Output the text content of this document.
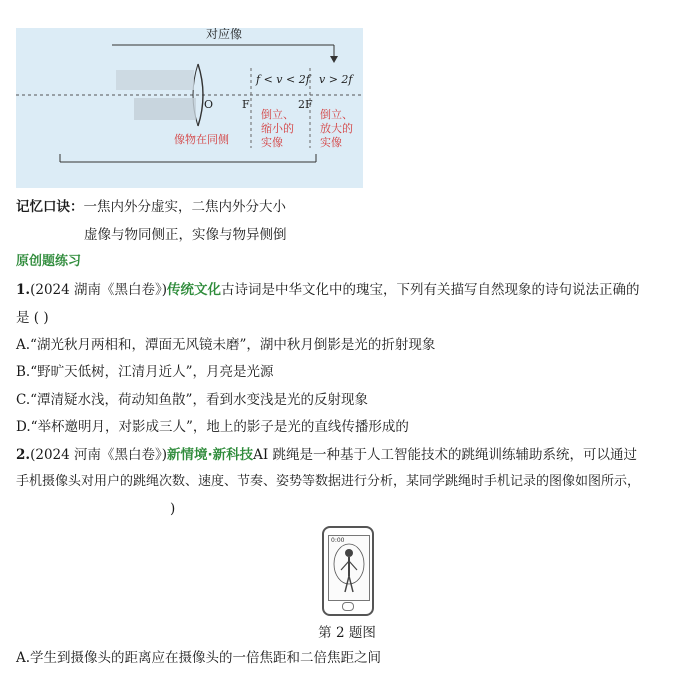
对应像
O	F	2F
f < v < 2f v > 2f
倒立、
缩小的
实像
倒立、
放大的
实像
像物在同侧
记忆口诀：一焦内外分虚实，二焦内外分大小
虚像与物同侧正，实像与物异侧倒
原创题练习
1.(2024 湖南《黑白卷》)传统文化古诗词是中华文化中的瑰宝，下列有关描写自然现象的诗句说法正确的
是 ( )
A.“湖光秋月两相和，潭面无风镜未磨”，湖中秋月倒影是光的折射现象
B.“野旷天低树，江清月近人”，月亮是光源
C.“潭清疑水浅，荷动知鱼散”，看到水变浅是光的反射现象
D.“举杯邀明月，对影成三人”，地上的影子是光的直线传播形成的
2.(2024 河南《黑白卷》)新情境·新科技AI 跳绳是一种基于人工智能技术的跳绳训练辅助系统，可以通过
手机摄像头对用户的跳绳次数、速度、节奏、姿势等数据进行分析，某同学跳绳时手机记录的图像如图所示，
)
0:00
第 2 题图
A.学生到摄像头的距离应在摄像头的一倍焦距和二倍焦距之间
